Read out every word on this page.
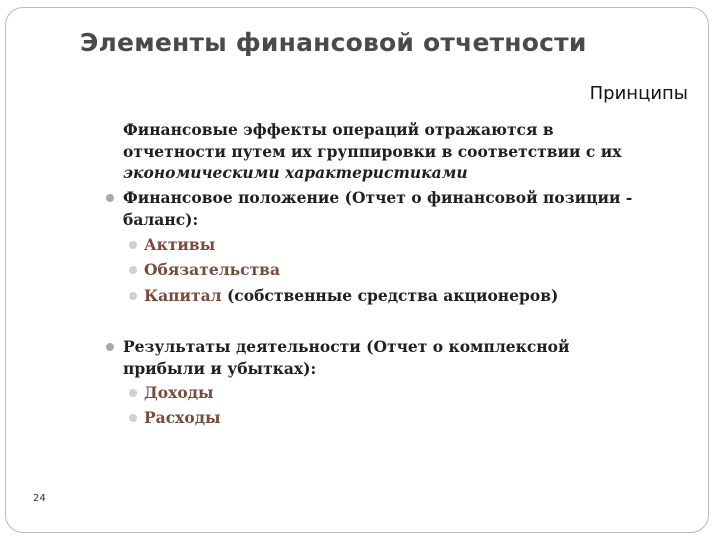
Элементы финансовой отчетности
Принципы

Финансовые эффекты операций отражаются в отчетности путем их группировки в соответствии с их экономическими характеристиками

Финансовое положение (Отчет о финансовой позиции - баланс):
Активы
Обязательства
Капитал (собственные средства акционеров)
Результаты деятельности (Отчет о комплексной прибыли и убытках):
Доходы
Расходы
24
